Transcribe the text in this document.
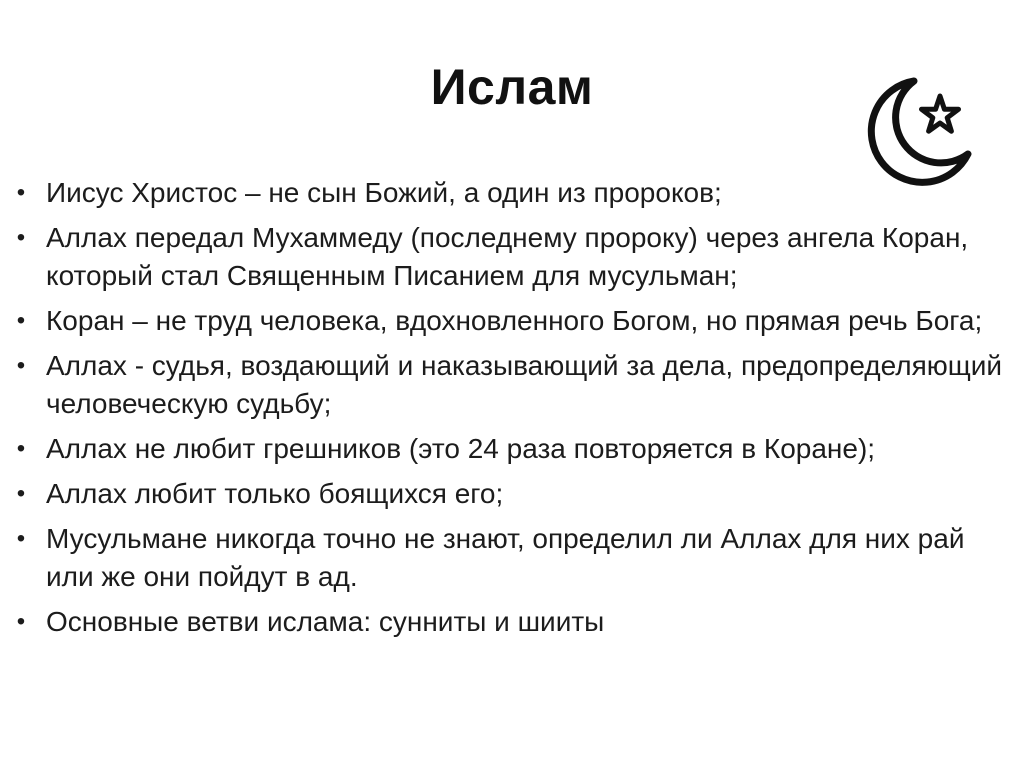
Ислам
• Иисус Христос – не сын Божий, а один из пророков;
• Аллах передал Мухаммеду (последнему пророку) через ангела Коран, который стал Священным Писанием для мусульман;
• Коран – не труд человека, вдохновленного Богом, но прямая речь Бога;
• Аллах - судья, воздающий и наказывающий за дела, предопределяющий человеческую судьбу;
• Аллах не любит грешников (это 24 раза повторяется в Коране);
• Аллах любит только боящихся его;
• Мусульмане никогда точно не знают, определил ли Аллах для них рай или же они пойдут в ад.
• Основные ветви ислама: сунниты и шииты
